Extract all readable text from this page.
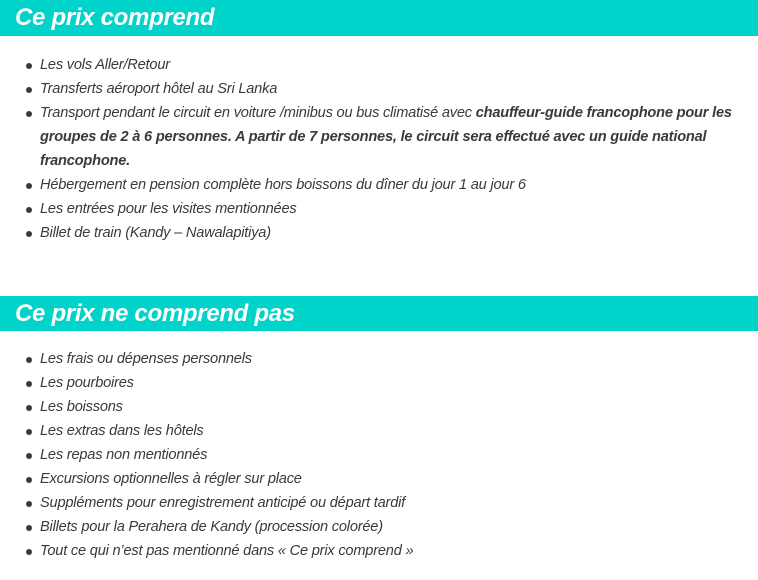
Ce prix comprend
Les vols Aller/Retour
Transferts aéroport hôtel au Sri Lanka
Transport pendant le circuit en voiture /minibus ou bus climatisé avec chauffeur-guide francophone pour les groupes de 2 à 6 personnes. A partir de 7 personnes, le circuit sera effectué avec un guide national francophone.
Hébergement en pension complète hors boissons du dîner du jour 1 au jour 6
Les entrées pour les visites mentionnées
Billet de train (Kandy – Nawalapitiya)
Ce prix ne comprend pas
Les frais ou dépenses personnels
Les pourboires
Les boissons
Les extras dans les hôtels
Les repas non mentionnés
Excursions optionnelles à régler sur place
Suppléments pour enregistrement anticipé ou départ tardif
Billets pour la Perahera de Kandy (procession colorée)
Tout ce qui n’est pas mentionné dans « Ce prix comprend »
